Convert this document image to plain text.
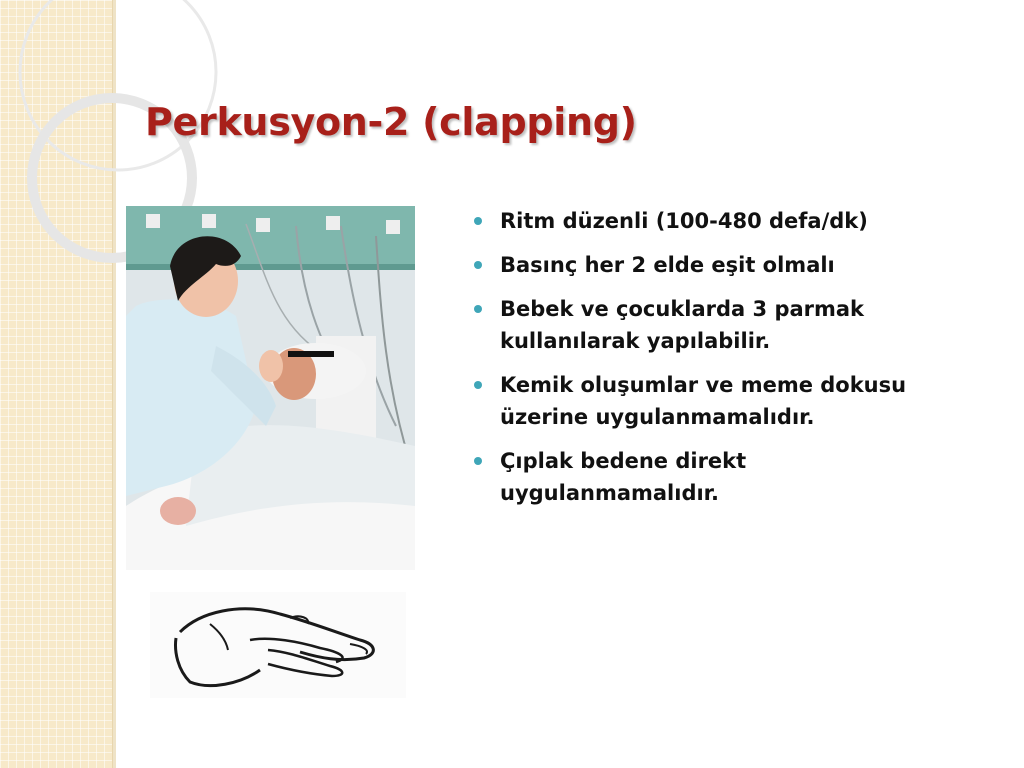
Perkusyon-2 (clapping)
Ritm düzenli (100-480 defa/dk)
Basınç her 2 elde eşit olmalı
Bebek ve çocuklarda 3 parmak kullanılarak yapılabilir.
Kemik oluşumlar ve meme dokusu üzerine uygulanmamalıdır.
Çıplak bedene direkt uygulanmamalıdır.
